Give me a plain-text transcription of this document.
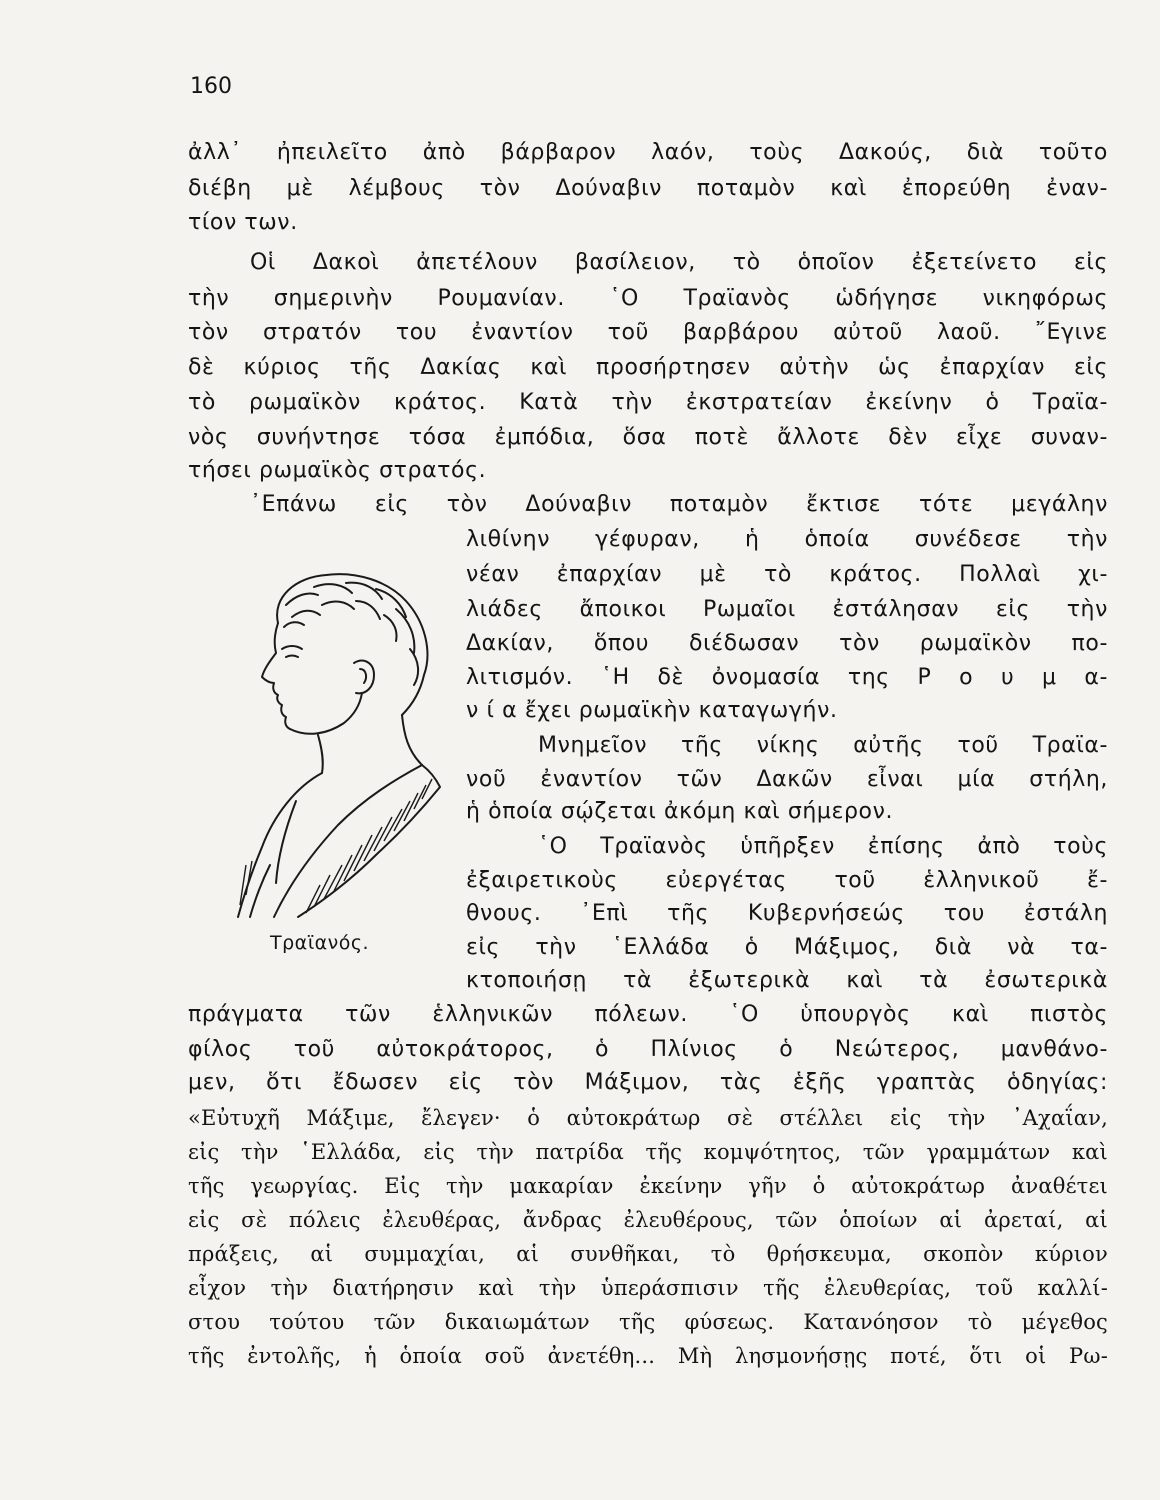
160
ἀλλ᾽ ἠπειλεῖτο ἀπὸ βάρβαρον λαόν, τοὺς Δακούς, διὰ τοῦτο
διέβη μὲ λέμβους τὸν Δούναβιν ποταμὸν καὶ ἐπορεύθη ἐναν-
τίον των.
Οἱ Δακοὶ ἀπετέλουν βασίλειον, τὸ ὁποῖον ἐξετείνετο εἰς
τὴν σημερινὴν Ρουμανίαν. ῾Ο Τραϊανὸς ὡδήγησε νικηφόρως
τὸν στρατόν του ἐναντίον τοῦ βαρβάρου αὐτοῦ λαοῦ. ῎Εγινε
δὲ κύριος τῆς Δακίας καὶ προσήρτησεν αὐτὴν ὡς ἐπαρχίαν εἰς
τὸ ρωμαϊκὸν κράτος. Κατὰ τὴν ἐκστρατείαν ἐκείνην ὁ Τραϊα-
νὸς συνήντησε τόσα ἐμπόδια, ὅσα ποτὲ ἄλλοτε δὲν εἶχε συναν-
τήσει ρωμαϊκὸς στρατός.
᾽Επάνω εἰς τὸν Δούναβιν ποταμὸν ἔκτισε τότε μεγάλην
λιθίνην γέφυραν, ἡ ὁποία συνέδεσε τὴν
νέαν ἐπαρχίαν μὲ τὸ κράτος. Πολλαὶ χι-
λιάδες ἄποικοι Ρωμαῖοι ἐστάλησαν εἰς τὴν
Δακίαν, ὅπου διέδωσαν τὸν ρωμαϊκὸν πο-
λιτισμόν. ῾Η δὲ ὀνομασία της Ρ ο υ μ α-
ν ί α ἔχει ρωμαϊκὴν καταγωγήν.
Μνημεῖον τῆς νίκης αὐτῆς τοῦ Τραϊα-
νοῦ ἐναντίον τῶν Δακῶν εἶναι μία στήλη,
ἡ ὁποία σῴζεται ἀκόμη καὶ σήμερον.
῾Ο Τραϊανὸς ὑπῆρξεν ἐπίσης ἀπὸ τοὺς
ἐξαιρετικοὺς εὐεργέτας τοῦ ἑλληνικοῦ ἔ-
θνους. ᾽Επὶ τῆς Κυβερνήσεώς του ἐστάλη
εἰς τὴν ῾Ελλάδα ὁ Μάξιμος, διὰ νὰ τα-
κτοποιήσῃ τὰ ἐξωτερικὰ καὶ τὰ ἐσωτερικὰ
πράγματα τῶν ἑλληνικῶν πόλεων. ῾Ο ὑπουργὸς καὶ πιστὸς
φίλος τοῦ αὐτοκράτορος, ὁ Πλίνιος ὁ Νεώτερος, μανθάνο-
μεν, ὅτι ἔδωσεν εἰς τὸν Μάξιμον, τὰς ἑξῆς γραπτὰς ὁδηγίας:
«Εὐτυχῆ Μάξιμε, ἔλεγεν· ὁ αὐτοκράτωρ σὲ στέλλει εἰς τὴν ᾽Αχαΐαν,
εἰς τὴν ῾Ελλάδα, εἰς τὴν πατρίδα τῆς κομψότητος, τῶν γραμμάτων καὶ
τῆς γεωργίας. Εἰς τὴν μακαρίαν ἐκείνην γῆν ὁ αὐτοκράτωρ ἀναθέτει
εἰς σὲ πόλεις ἐλευθέρας, ἄνδρας ἐλευθέρους, τῶν ὁποίων αἱ ἀρεταί, αἱ
πράξεις, αἱ συμμαχίαι, αἱ συνθῆκαι, τὸ θρήσκευμα, σκοπὸν κύριον
εἶχον τὴν διατήρησιν καὶ τὴν ὑπεράσπισιν τῆς ἐλευθερίας, τοῦ καλλί-
στου τούτου τῶν δικαιωμάτων τῆς φύσεως. Κατανόησον τὸ μέγεθος
τῆς ἐντολῆς, ἡ ὁποία σοῦ ἀνετέθη... Μὴ λησμονήσῃς ποτέ, ὅτι οἱ Ρω-
Τραϊανός.
